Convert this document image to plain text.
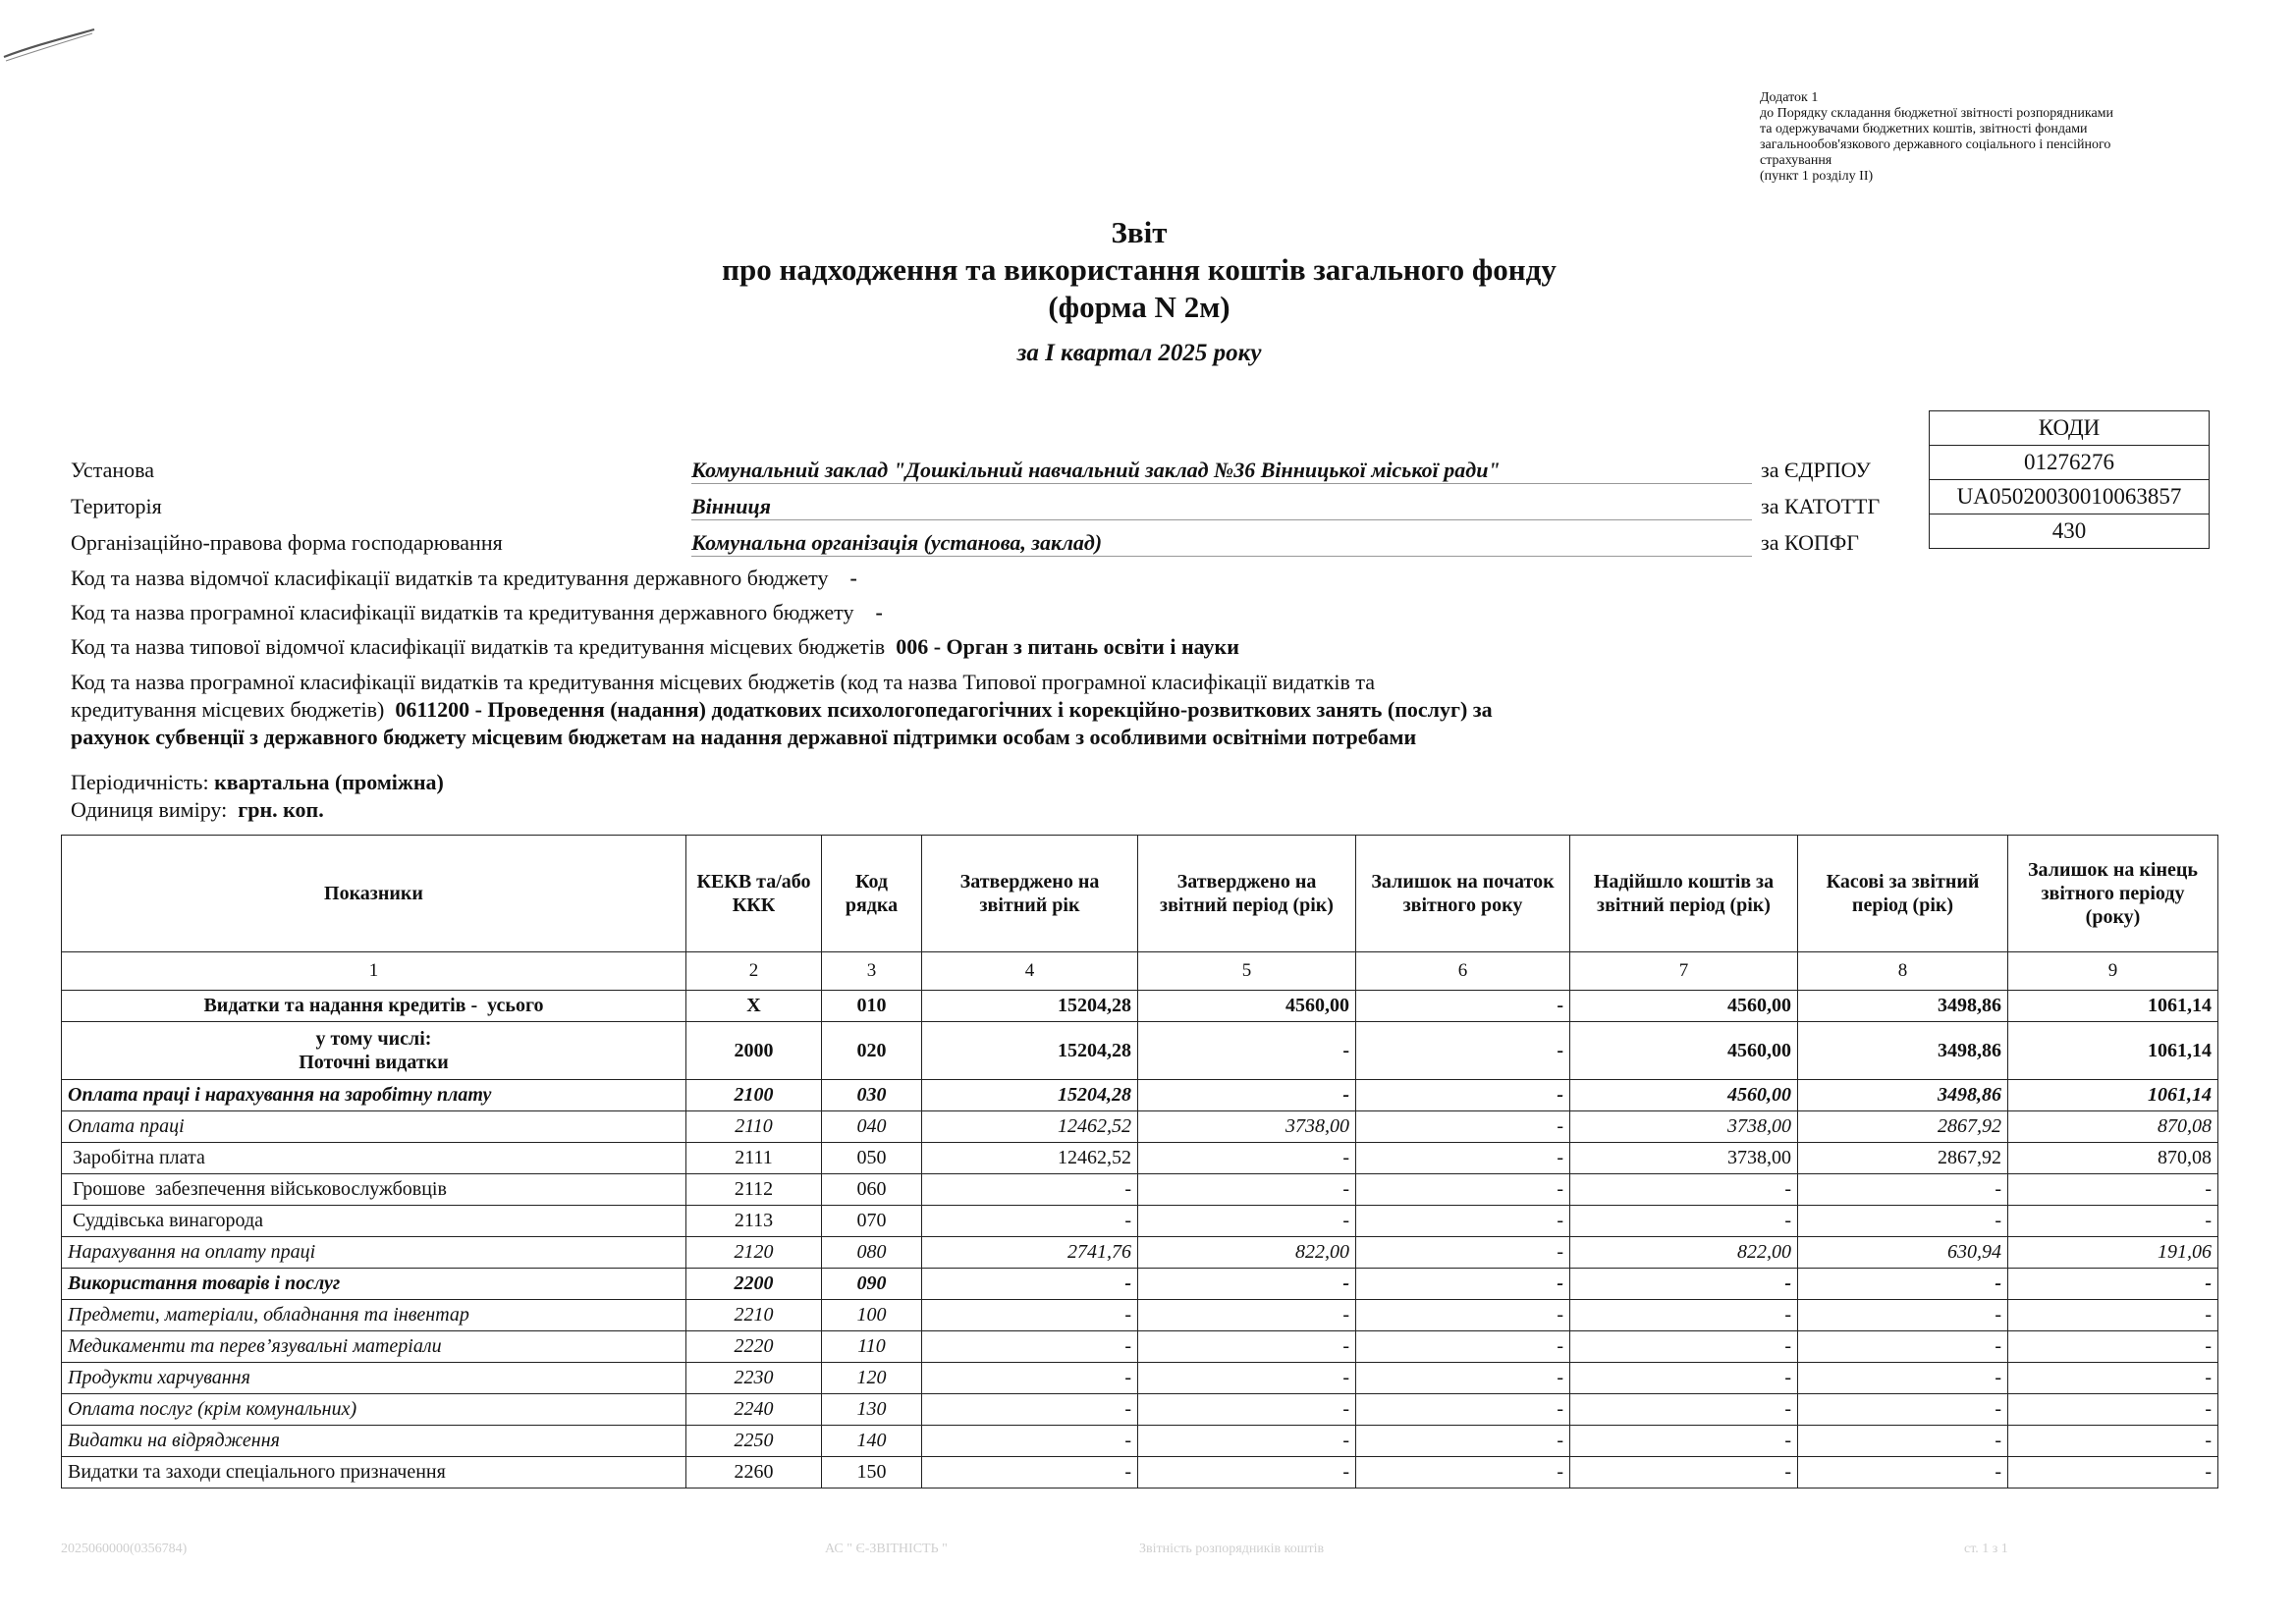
Додаток 1
до Порядку складання бюджетної звітності розпорядниками
та одержувачами бюджетних коштів, звітності фондами
загальнообов'язкового державного соціального і пенсійного
страхування
(пункт 1 розділу II)
Звіт
про надходження та використання коштів загального фонду
(форма N 2м)
за І квартал 2025 року
КОДИ
01276276
UA05020030010063857
430
Установа	Комунальний заклад "Дошкільний навчальний заклад №36 Вінницької міської ради"	за ЄДРПОУ
Територія	Вінниця	за КАТОТТГ
Організаційно-правова форма господарювання	Комунальна організація (установа, заклад)	за КОПФГ
Код та назва відомчої класифікації видатків та кредитування державного бюджету -
Код та назва програмної класифікації видатків та кредитування державного бюджету -
Код та назва типової відомчої класифікації видатків та кредитування місцевих бюджетів 006 - Орган з питань освіти і науки
Код та назва програмної класифікації видатків та кредитування місцевих бюджетів (код та назва Типової програмної класифікації видатків та
кредитування місцевих бюджетів) 0611200 - Проведення (надання) додаткових психологопедагогічних і корекційно-розвиткових занять (послуг) за
рахунок субвенції з державного бюджету місцевим бюджетам на надання державної підтримки особам з особливими освітніми потребами
Періодичність: квартальна (проміжна)
Одиниця виміру: грн. коп.
Показники	КЕКВ та/або ККК	Код рядка	Затверджено на звітний рік	Затверджено на звітний період (рік)	Залишок на початок звітного року	Надійшло коштів за звітний період (рік)	Касові за звітний період (рік)	Залишок на кінець звітного періоду (року)
1	2	3	4	5	6	7	8	9
Видатки та надання кредитів -  усього	X	010	15204,28	4560,00	-	4560,00	3498,86	1061,14

у тому числі:
Поточні видатки	2000	020	15204,28	-	-	4560,00	3498,86	1061,14
Оплата праці і нарахування на заробітну плату	2100	030	15204,28	-	-	4560,00	3498,86	1061,14
Оплата праці	2110	040	12462,52	3738,00	-	3738,00	2867,92	870,08
Заробітна плата	2111	050	12462,52	-	-	3738,00	2867,92	870,08
Грошове  забезпечення військовослужбовців	2112	060	-	-	-	-	-	-
Суддівська винагорода	2113	070	-	-	-	-	-	-
Нарахування на оплату праці	2120	080	2741,76	822,00	-	822,00	630,94	191,06
Використання товарів і послуг	2200	090	-	-	-	-	-	-
Предмети, матеріали, обладнання та інвентар	2210	100	-	-	-	-	-	-
Медикаменти та перев’язувальні матеріали	2220	110	-	-	-	-	-	-
Продукти харчування	2230	120	-	-	-	-	-	-
Оплата послуг (крім комунальних)	2240	130	-	-	-	-	-	-
Видатки на відрядження	2250	140	-	-	-	-	-	-
Видатки та заходи спеціального призначення	2260	150	-	-	-	-	-	-
2025060000(0356784)	АС " Є-ЗВІТНІСТЬ "	Звітність розпорядників коштів	ст. 1 з 1
